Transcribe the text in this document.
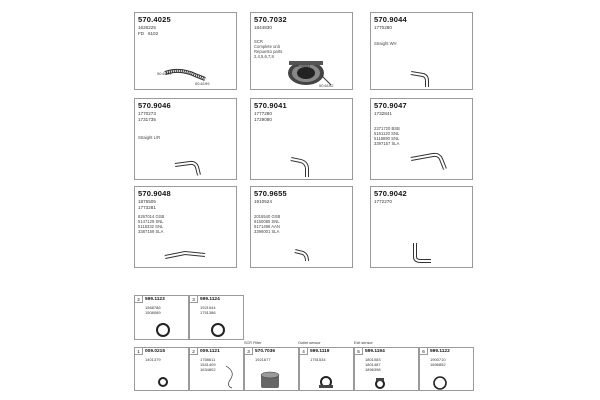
570.4025
1626225
FD   6102
00.6199
00.6199
570.7032
1844830
SCR
Complete unit
Repuesto parts
2,4,5,6,7,8
00.6101
00.6102
570.9044
1770280
Straight WH
570.9046
1770273
1731735
Straight L/R
570.9041
1777280
1729080
570.9047
1732841
2371720 BSB
5161120 SNL
5118890 SNL
3397157 SLA
570.9048
1876505
1773281
8267014 GSB
5147129 SNL
5118332 SNL
3387159 SLA
570.9655
1910524
2016540 GSB
8150085 SNL
6171498 AAN
3396001 SLA
570.9042
1772270
2	599.1123
1568786
1508089
3	599.1124
1921544
1751386
SCR Filter	Outlet sensor	Exit sensor
1	009.0215
1401379
2	009.1121
1758611
1541409
1634802
3	570.7036
1921677
4	599.1119
1751534
5	599.1194
1801083
1801487
1896398
6	599.1122
1900710
1696852
